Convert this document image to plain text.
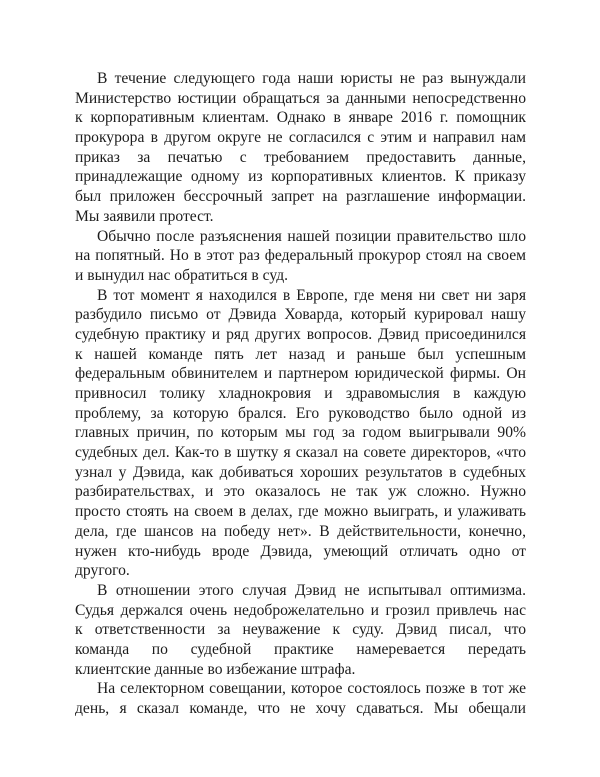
В течение следующего года наши юристы не раз вынуждали
Министерство юстиции обращаться за данными непосредственно
к корпоративным клиентам. Однако в январе 2016 г. помощник
прокурора в другом округе не согласился с этим и направил нам
приказ за печатью с требованием предоставить данные,
принадлежащие одному из корпоративных клиентов. К приказу
был приложен бессрочный запрет на разглашение информации.
Мы заявили протест.
Обычно после разъяснения нашей позиции правительство шло
на попятный. Но в этот раз федеральный прокурор стоял на своем
и вынудил нас обратиться в суд.
В тот момент я находился в Европе, где меня ни свет ни заря
разбудило письмо от Дэвида Ховарда, который курировал нашу
судебную практику и ряд других вопросов. Дэвид присоединился
к нашей команде пять лет назад и раньше был успешным
федеральным обвинителем и партнером юридической фирмы. Он
привносил толику хладнокровия и здравомыслия в каждую
проблему, за которую брался. Его руководство было одной из
главных причин, по которым мы год за годом выигрывали 90%
судебных дел. Как-то в шутку я сказал на совете директоров, «что
узнал у Дэвида, как добиваться хороших результатов в судебных
разбирательствах, и это оказалось не так уж сложно. Нужно
просто стоять на своем в делах, где можно выиграть, и улаживать
дела, где шансов на победу нет». В действительности, конечно,
нужен кто-нибудь вроде Дэвида, умеющий отличать одно от
другого.
В отношении этого случая Дэвид не испытывал оптимизма.
Судья держался очень недоброжелательно и грозил привлечь нас
к ответственности за неуважение к суду. Дэвид писал, что
команда по судебной практике намеревается передать
клиентские данные во избежание штрафа.
На селекторном совещании, которое состоялось позже в тот же
день, я сказал команде, что не хочу сдаваться. Мы обещали
